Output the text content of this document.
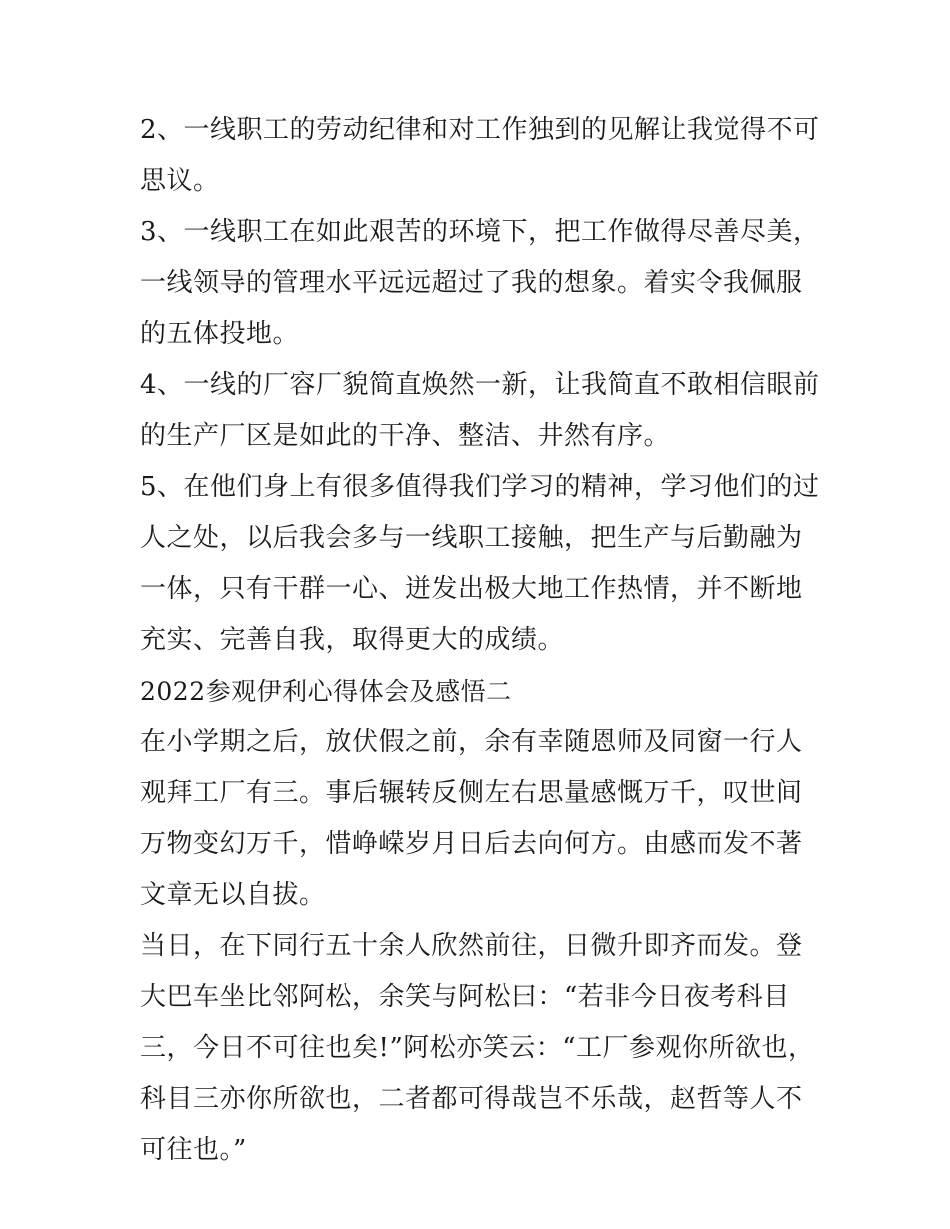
2、一线职工的劳动纪律和对工作独到的见解让我觉得不可思议。

3、一线职工在如此艰苦的环境下，把工作做得尽善尽美，一线领导的管理水平远远超过了我的想象。着实令我佩服的五体投地。

4、一线的厂容厂貌简直焕然一新，让我简直不敢相信眼前的生产厂区是如此的干净、整洁、井然有序。

5、在他们身上有很多值得我们学习的精神，学习他们的过人之处，以后我会多与一线职工接触，把生产与后勤融为一体，只有干群一心、迸发出极大地工作热情，并不断地充实、完善自我，取得更大的成绩。

2022参观伊利心得体会及感悟二

在小学期之后，放伏假之前，余有幸随恩师及同窗一行人观拜工厂有三。事后辗转反侧左右思量感慨万千，叹世间万物变幻万千，惜峥嵘岁月日后去向何方。由感而发不著文章无以自拔。

当日，在下同行五十余人欣然前往，日微升即齐而发。登大巴车坐比邻阿松，余笑与阿松曰：“若非今日夜考科目三，今日不可往也矣!”阿松亦笑云：“工厂参观你所欲也，科目三亦你所欲也，二者都可得哉岂不乐哉，赵哲等人不可往也。”
